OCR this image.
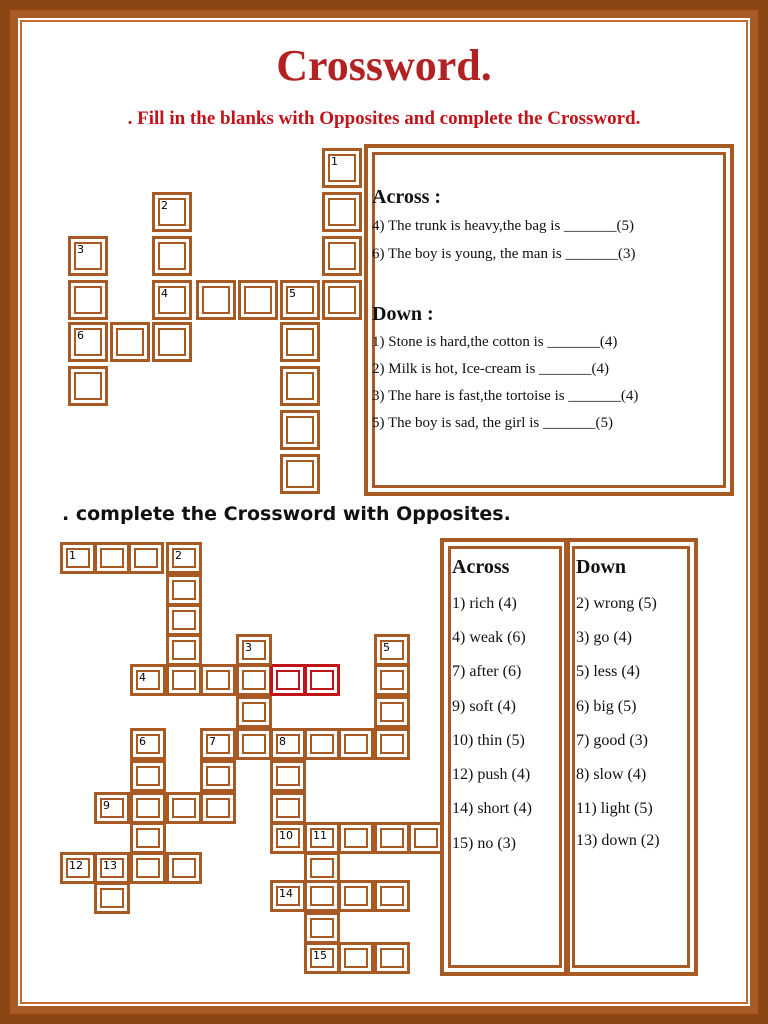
Crossword.
. Fill in the blanks with Opposites and complete the Crossword.
1
2
4
3
6
5
Across :
4) The trunk is heavy,the bag is _______(5)
6) The boy is young, the man is _______(3)
Down :
1) Stone is hard,the cotton is _______(4)
2) Milk is hot, Ice-cream is _______(4)
3) The hare is fast,the tortoise is _______(4)
5) The boy is sad, the girl is _______(5)
. complete the Crossword with Opposites.
1	2
4
3	5
7	8
6
9
10 11
12 13
14
15
Across
1) rich (4)
4) weak (6)
7) after (6)
9) soft (4)
10) thin (5)
12) push (4)
14) short (4)
15) no (3)
Down
2) wrong (5)
3) go (4)
5) less (4)
6) big (5)
7) good (3)
8) slow (4)
11) light (5)
13) down (2)
